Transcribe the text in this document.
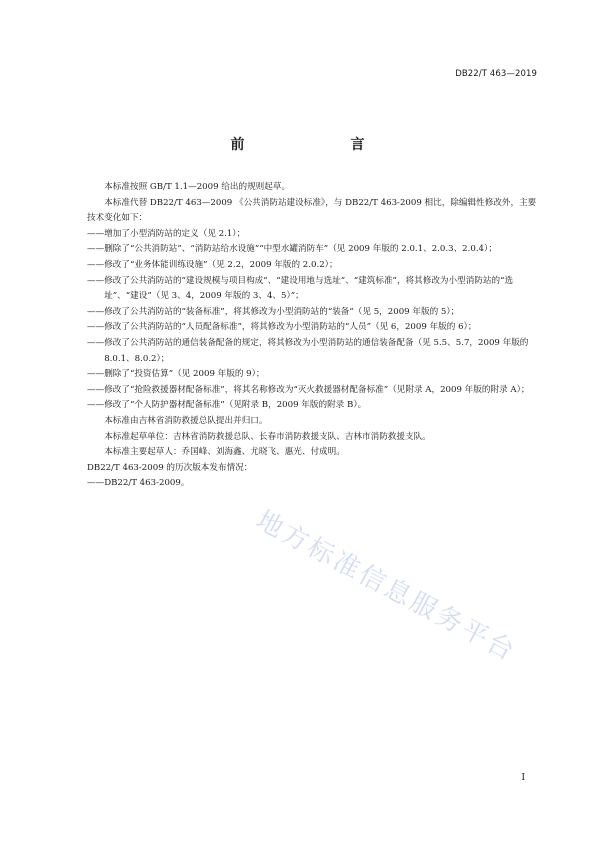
DB22/T 463—2019
前　　言

本标准按照 GB/T 1.1—2009 给出的规则起草。

本标准代替 DB22/T 463—2009 《公共消防站建设标准》，与 DB22/T 463-2009 相比，除编辑性修改外，主要技术变化如下：

——增加了小型消防站的定义（见 2.1）；

——删除了“公共消防站”、“消防站给水设施”“中型水罐消防车”（见 2009 年版的 2.0.1、2.0.3、2.0.4）；

——修改了“业务体能训练设施”（见 2.2，2009 年版的 2.0.2）；

——修改了公共消防站的“建设规模与项目构成”、“建设用地与选址”、“建筑标准”，将其修改为小型消防站的“选址”、“建设”（见 3、4，2009 年版的 3、4、5）”；

——修改了公共消防站的“装备标准”，将其修改为小型消防站的“装备”（见 5，2009 年版的 5）；

——修改了公共消防站的“人员配备标准”，将其修改为小型消防站的“人员”（见 6，2009 年版的 6）；

——修改了公共消防站的通信装备配备的规定，将其修改为小型消防站的通信装备配备（见 5.5、5.7，2009 年版的 8.0.1、8.0.2）；

——删除了“投资估算”（见 2009 年版的 9）；

——修改了“抢险救援器材配备标准”，将其名称修改为“灭火救援器材配备标准”（见附录 A，2009 年版的附录 A）；

——修改了“个人防护器材配备标准”（见附录 B，2009 年版的附录 B）。

本标准由吉林省消防救援总队提出并归口。

本标准起草单位：吉林省消防救援总队、长春市消防救援支队、吉林市消防救援支队。

本标准主要起草人：乔国峰、刘海鑫、尤晓飞、惠光、付成明。

DB22/T 463-2009 的历次版本发布情况：

——DB22/T 463-2009。

地方标准信息服务平台
I
